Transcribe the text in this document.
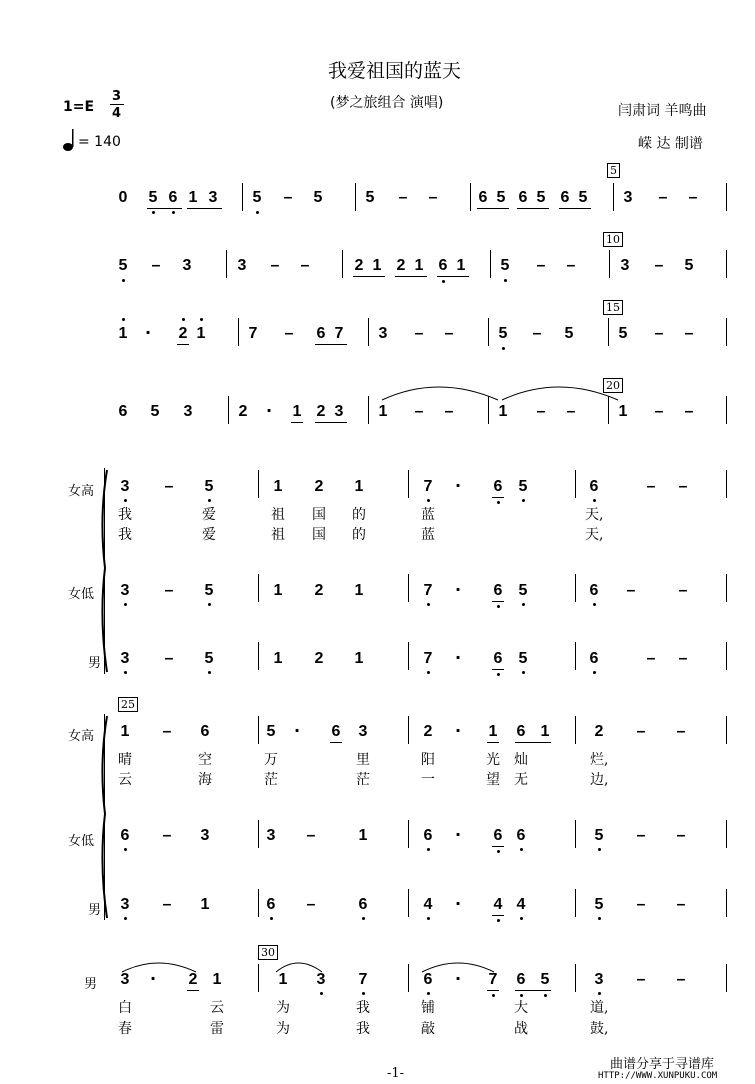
我爱祖国的蓝天
(梦之旅组合 演唱)
1=E
3
4
= 140
闫肃词 羊鸣曲
嵘 达 制谱
5
10
15
20
25
30
0 5 6 1 3 5 – 5	5 – –	6 5 6 5 6 5 3 – –
5 – 3	3 – –	2 1 2 1 6 1 5 – –	3 – 5
1 · 2 1	7 – 6 7 3 – –	5 – 5	5 – –
6 5 3	2 · 1 2 3 1 – –	1 – –	1 – –
女高
女低
男
3 – 5	1 2 1	7 · 6 5	6	– –
我	爱	祖 国 的	蓝	天,
我	爱	祖 国 的	蓝	天,
3 – 5	1 2 1	7 · 6 5	6 –	–
3 – 5	1 2 1	7 · 6 5	6	– –
女高
女低
男
1 – 6	5 · 6 3	2 · 1 6 1	2 – –
晴	空	万	里	阳	光 灿	烂,
云	海	茫	茫	一	望 无	边,
6 – 3	3 –	1	6 · 6 6	5 – –
3 – 1	6 –	6	4 · 4 4	5 – –
男 3 · 2 1	1 3 7	6 · 7 6 5	3 – –
白	云	为	我	铺	大	道,
春	雷	为	我	敲	战	鼓,
-1-
曲谱分享于寻谱库
HTTP://WWW.XUNPUKU.COM
